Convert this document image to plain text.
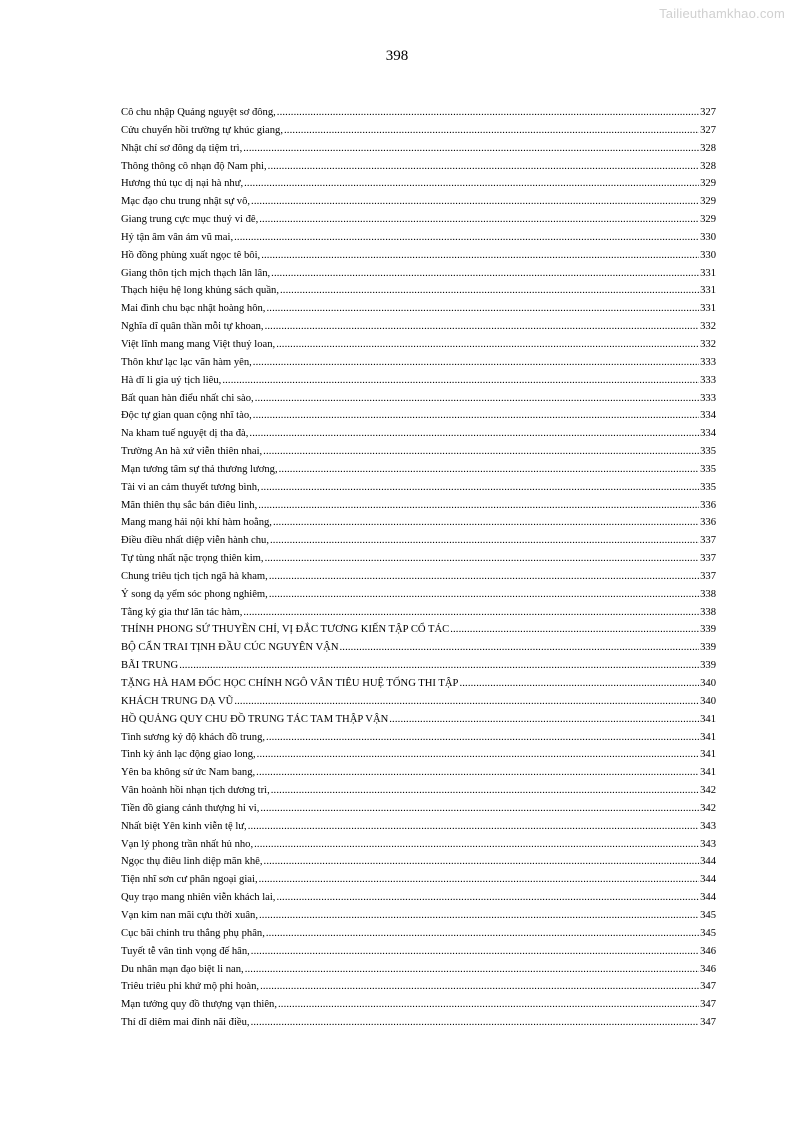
Tailieuthamkhao.com
398
Cô chu nhập Quảng nguyệt sơ đông, .....	327
Cửu chuyển hồi trường tự khúc giang, .....	327
Nhật chí sơ đông dạ tiệm trì, .....	328
Thông thông cô nhạn độ Nam phi, .....	328
Hương thủ tục dị nại hà như, .....	329
Mạc đạo chu trung nhật sự vô, .....	329
Giang trung cực mục thuý vi đê, .....	329
Hỷ tận âm vân ám vũ mai, .....	330
Hồ đồng phùng xuất ngọc tê bôi, .....	330
Giang thôn tịch mịch thạch lân lân, .....	331
Thạch hiệu hệ long khủng sách quần, .....	331
Mai đình chu bạc nhật hoàng hôn, .....	331
Nghĩa dĩ quân thần mỗi tự khoan, .....	332
Việt lĩnh mang mang Việt thuỷ loan, .....	332
Thôn khư lạc lạc vãn hàm yên, .....	333
Hà dĩ li gia uý tịch liêu, .....	333
Bất quan hàn điểu nhất chi sào, .....	333
Độc tự gian quan cộng nhĩ tào, .....	334
Na kham tuế nguyệt dị tha đà, .....	334
Trường An hà xứ viễn thiên nhai, .....	335
Mạn tương tâm sự thả thương lương, .....	335
Tài vi an cảm thuyết tương bình, .....	335
Mãn thiên thụ sắc bán điêu linh, .....	336
Mang mang hải nội khí hàm hoằng, .....	336
Điều điều nhất diệp viễn hành chu, .....	337
Tự tùng nhất nặc trọng thiên kim, .....	337
Chung triêu tịch tịch ngã hà kham, .....	337
Ỷ song dạ yểm sóc phong nghiêm, .....	338
Tằng ký gia thư lãn tác hàm, .....	338
THỈNH PHONG SỨ THUYỀN CHỈ, VỊ ĐẮC TƯƠNG KIẾN TẬP CỔ TÁC .....	339
BỘ CẨN TRAI TỊNH ĐẦU CÚC NGUYÊN VẬN .....	339
BÃI TRUNG .....	339
TẶNG HÀ HAM ĐỐC HỌC CHÍNH NGÔ VÂN TIÊU HUỆ TỐNG THI TẬP .....	340
KHÁCH TRUNG DẠ VŨ .....	340
HỒ QUẢNG QUY CHU ĐỒ TRUNG TÁC TAM THẬP VẬN .....	341
Tình sương kỷ độ khách đồ trung, .....	341
Tinh kỳ ảnh lạc động giao long, .....	341
Yên ba không sử ức Nam bang, .....	341
Vân hoành hồi nhạn tịch dương trì, .....	342
Tiền đồ giang cảnh thượng hi vi, .....	342
Nhất biệt Yên kinh viễn tệ lư, .....	343
Vạn lý phong trần nhất hủ nho, .....	343
Ngọc thụ điêu linh diệp mãn khê, .....	344
Tiện nhĩ sơn cư phân ngoại giai, .....	344
Quy trạo mang nhiên viễn khách lai, .....	344
Vạn kim nan mãi cựu thời xuân, .....	345
Cục bãi chinh tru thắng phụ phân, .....	345
Tuyết tễ vân tình vọng đế hân, .....	346
Du nhân mạn đạo biệt li nan, .....	346
Triêu triêu phi khứ mộ phi hoàn, .....	347
Mạn tưởng quy đồ thượng vạn thiên, .....	347
Thí dĩ diêm mai đỉnh nãi điều, .....	347
